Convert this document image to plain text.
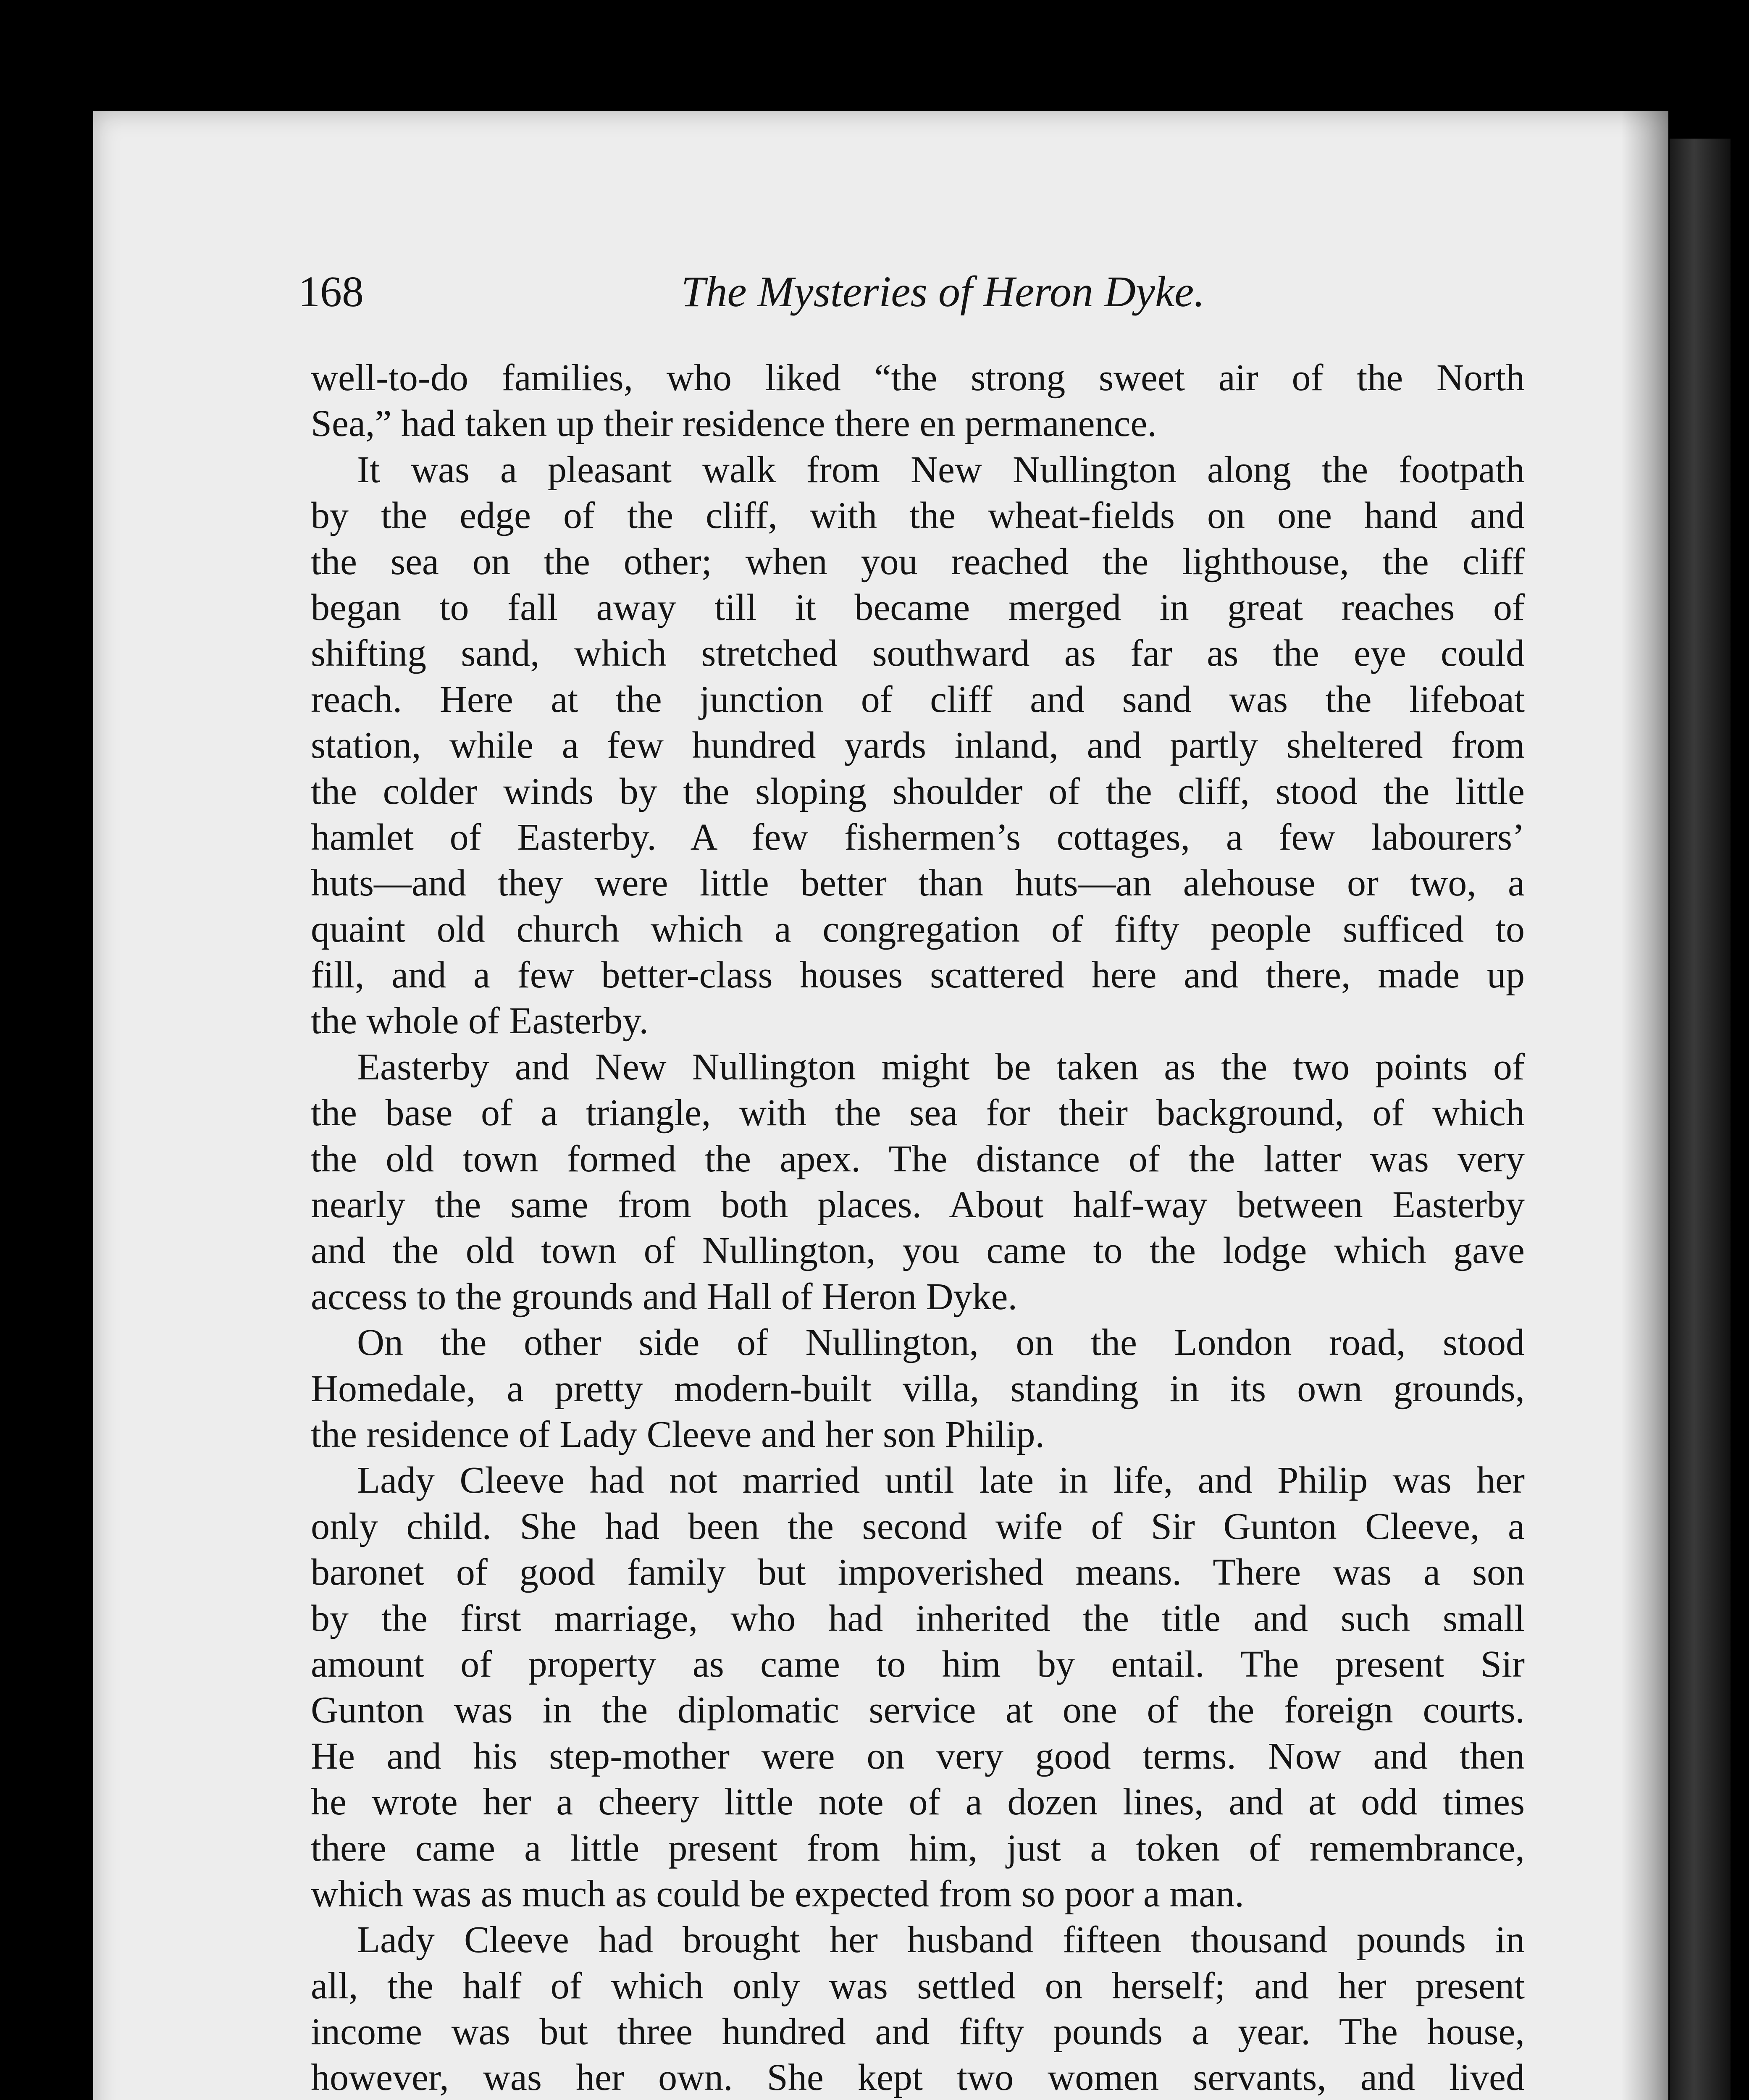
168	The Mysteries of Heron Dyke.
well-to-do families, who liked “the strong sweet air of the North
Sea,” had taken up their residence there en permanence.
It was a pleasant walk from New Nullington along the footpath
by the edge of the cliff, with the wheat-fields on one hand and
the sea on the other; when you reached the lighthouse, the cliff
began to fall away till it became merged in great reaches of
shifting sand, which stretched southward as far as the eye could
reach. Here at the junction of cliff and sand was the lifeboat
station, while a few hundred yards inland, and partly sheltered from
the colder winds by the sloping shoulder of the cliff, stood the little
hamlet of Easterby. A few fishermen’s cottages, a few labourers’
huts—and they were little better than huts—an alehouse or two, a
quaint old church which a congregation of fifty people sufficed to
fill, and a few better-class houses scattered here and there, made up
the whole of Easterby.
Easterby and New Nullington might be taken as the two points of
the base of a triangle, with the sea for their background, of which
the old town formed the apex. The distance of the latter was very
nearly the same from both places. About half-way between Easterby
and the old town of Nullington, you came to the lodge which gave
access to the grounds and Hall of Heron Dyke.
On the other side of Nullington, on the London road, stood
Homedale, a pretty modern-built villa, standing in its own grounds,
the residence of Lady Cleeve and her son Philip.
Lady Cleeve had not married until late in life, and Philip was her
only child. She had been the second wife of Sir Gunton Cleeve, a
baronet of good family but impoverished means. There was a son
by the first marriage, who had inherited the title and such small
amount of property as came to him by entail. The present Sir
Gunton was in the diplomatic service at one of the foreign courts.
He and his step-mother were on very good terms. Now and then
he wrote her a cheery little note of a dozen lines, and at odd times
there came a little present from him, just a token of remembrance,
which was as much as could be expected from so poor a man.
Lady Cleeve had brought her husband fifteen thousand pounds in
all, the half of which only was settled on herself; and her present
income was but three hundred and fifty pounds a year. The house,
however, was her own. She kept two women servants, and lived
